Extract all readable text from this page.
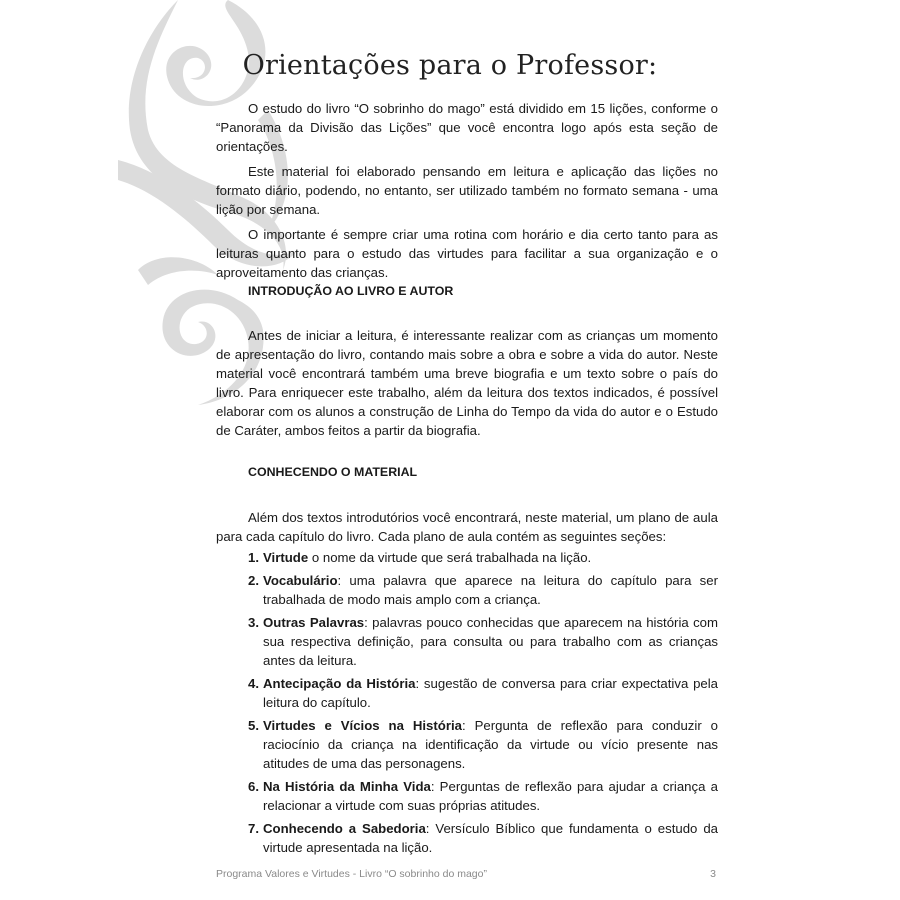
Orientações para o Professor:

O estudo do livro “O sobrinho do mago” está dividido em 15 lições, conforme o “Panorama da Divisão das Lições” que você encontra logo após esta seção de orientações.

Este material foi elaborado pensando em leitura e aplicação das lições no formato diário, podendo, no entanto, ser utilizado também no formato semana - uma lição por semana.

O importante é sempre criar uma rotina com horário e dia certo tanto para as leituras quanto para o estudo das virtudes para facilitar a sua organização e o aproveitamento das crianças.

INTRODUÇÃO AO LIVRO E AUTOR

Antes de iniciar a leitura, é interessante realizar com as crianças um momento de apresentação do livro, contando mais sobre a obra e sobre a vida do autor. Neste material você encontrará também uma breve biografia e um texto sobre o país do livro. Para enriquecer este trabalho, além da leitura dos textos indicados, é possível elaborar com os alunos a construção de Linha do Tempo da vida do autor e o Estudo de Caráter, ambos feitos a partir da biografia.

CONHECENDO O MATERIAL

Além dos textos introdutórios você encontrará, neste material, um plano de aula para cada capítulo do livro. Cada plano de aula contém as seguintes seções:

1. Virtude o nome da virtude que será trabalhada na lição.
2. Vocabulário: uma palavra que aparece na leitura do capítulo para ser trabalhada de modo mais amplo com a criança.
3. Outras Palavras: palavras pouco conhecidas que aparecem na história com sua respectiva definição, para consulta ou para trabalho com as crianças antes da leitura.
4. Antecipação da História: sugestão de conversa para criar expectativa pela leitura do capítulo.
5. Virtudes e Vícios na História: Pergunta de reflexão para conduzir o raciocínio da criança na identificação da virtude ou vício presente nas atitudes de uma das personagens.
6. Na História da Minha Vida: Perguntas de reflexão para ajudar a criança a relacionar a virtude com suas próprias atitudes.
7. Conhecendo a Sabedoria: Versículo Bíblico que fundamenta o estudo da virtude apresentada na lição.
Programa Valores e Virtudes - Livro “O sobrinho do mago”	3
